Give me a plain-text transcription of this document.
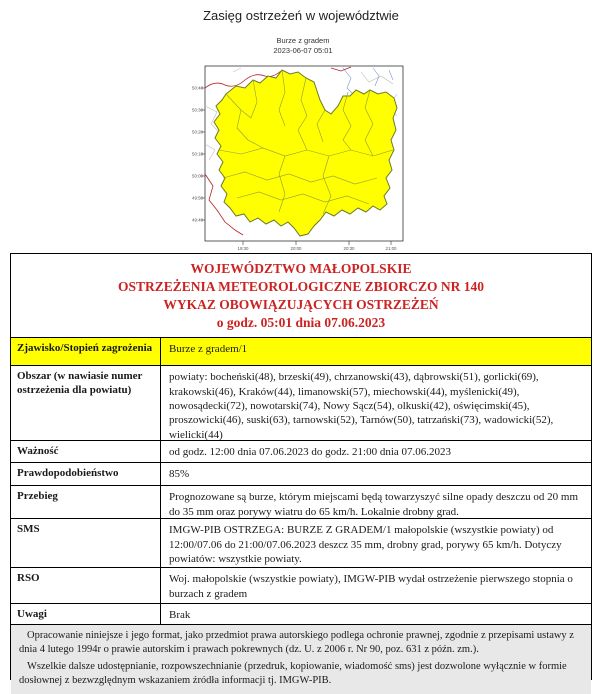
Zasięg ostrzeżeń w województwie
Burze z gradem
2023-06-07 05:01
50:40
50:30
50:20
50:10
50:00
49:50
49:40
19:30	20:00	20:30	21:00
WOJEWÓDZTWO MAŁOPOLSKIE
OSTRZEŻENIA METEOROLOGICZNE ZBIORCZO NR 140
WYKAZ OBOWIĄZUJĄCYCH OSTRZEŻEŃ
o godz. 05:01 dnia 07.06.2023
Zjawisko/Stopień zagrożenia	Burze z gradem/1
Obszar (w nawiasie numer ostrzeżenia dla powiatu)
powiaty: bocheński(48), brzeski(49), chrzanowski(43), dąbrowski(51), gorlicki(69), krakowski(46), Kraków(44), limanowski(57), miechowski(44), myślenicki(49), nowosądecki(72), nowotarski(74), Nowy Sącz(54), olkuski(42), oświęcimski(45), proszowicki(46), suski(63), tarnowski(52), Tarnów(50), tatrzański(73), wadowicki(52), wielicki(44)
Ważność	od godz. 12:00 dnia 07.06.2023 do godz. 21:00 dnia 07.06.2023
Prawdopodobieństwo	85%
Przebieg	Prognozowane są burze, którym miejscami będą towarzyszyć silne opady deszczu od 20 mm do 35 mm oraz porywy wiatru do 65 km/h. Lokalnie drobny grad.
SMS	IMGW-PIB OSTRZEGA: BURZE Z GRADEM/1 małopolskie (wszystkie powiaty) od 12:00/07.06 do 21:00/07.06.2023 deszcz 35 mm, drobny grad, porywy 65 km/h. Dotyczy powiatów: wszystkie powiaty.
RSO	Woj. małopolskie (wszystkie powiaty), IMGW-PIB wydał ostrzeżenie pierwszego stopnia o burzach z gradem
Uwagi	Brak

Opracowanie niniejsze i jego format, jako przedmiot prawa autorskiego podlega ochronie prawnej, zgodnie z przepisami ustawy z dnia 4 lutego 1994r o prawie autorskim i prawach pokrewnych (dz. U. z 2006 r. Nr 90, poz. 631 z późn. zm.).

Wszelkie dalsze udostępnianie, rozpowszechnianie (przedruk, kopiowanie, wiadomość sms) jest dozwolone wyłącznie w formie dosłownej z bezwzględnym wskazaniem źródła informacji tj. IMGW-PIB.
